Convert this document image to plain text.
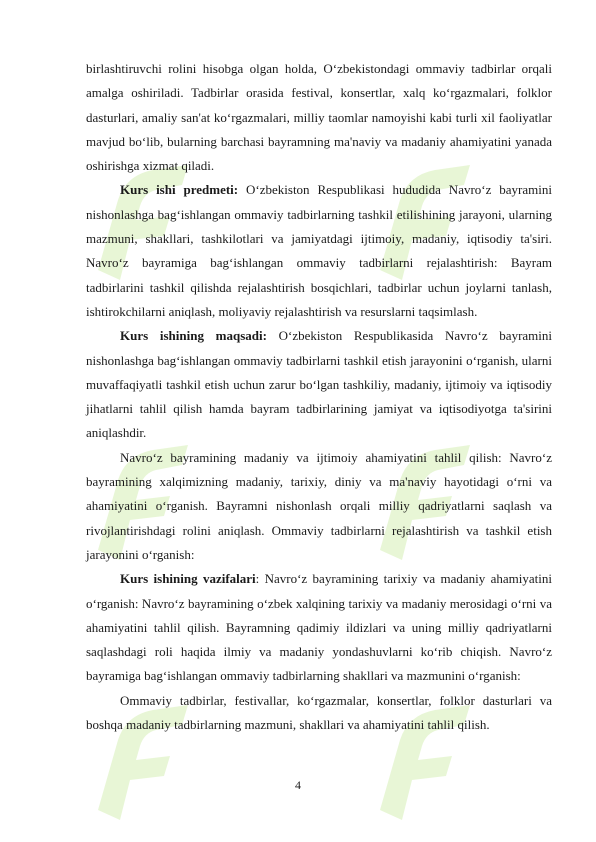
birlashtiruvchi rolini hisobga olgan holda, O‘zbekistondagi ommaviy tadbirlar orqali amalga oshiriladi. Tadbirlar orasida festival, konsertlar, xalq ko‘rgazmalari, folklor dasturlari, amaliy san'at ko‘rgazmalari, milliy taomlar namoyishi kabi turli xil faoliyatlar mavjud bo‘lib, bularning barchasi bayramning ma'naviy va madaniy ahamiyatini yanada oshirishga xizmat qiladi.

Kurs ishi predmeti: O‘zbekiston Respublikasi hududida Navro‘z bayramini nishonlashga bag‘ishlangan ommaviy tadbirlarning tashkil etilishining jarayoni, ularning mazmuni, shakllari, tashkilotlari va jamiyatdagi ijtimoiy, madaniy, iqtisodiy ta'siri. Navro‘z bayramiga bag‘ishlangan ommaviy tadbirlarni rejalashtirish: Bayram tadbirlarini tashkil qilishda rejalashtirish bosqichlari, tadbirlar uchun joylarni tanlash, ishtirokchilarni aniqlash, moliyaviy rejalashtirish va resurslarni taqsimlash.

Kurs ishining maqsadi: O‘zbekiston Respublikasida Navro‘z bayramini nishonlashga bag‘ishlangan ommaviy tadbirlarni tashkil etish jarayonini o‘rganish, ularni muvaffaqiyatli tashkil etish uchun zarur bo‘lgan tashkiliy, madaniy, ijtimoiy va iqtisodiy jihatlarni tahlil qilish hamda bayram tadbirlarining jamiyat va iqtisodiyotga ta'sirini aniqlashdir.

Navro‘z bayramining madaniy va ijtimoiy ahamiyatini tahlil qilish: Navro‘z bayramining xalqimizning madaniy, tarixiy, diniy va ma'naviy hayotidagi o‘rni va ahamiyatini o‘rganish. Bayramni nishonlash orqali milliy qadriyatlarni saqlash va rivojlantirishdagi rolini aniqlash. Ommaviy tadbirlarni rejalashtirish va tashkil etish jarayonini o‘rganish:

Kurs ishining vazifalari: Navro‘z bayramining tarixiy va madaniy ahamiyatini o‘rganish: Navro‘z bayramining o‘zbek xalqining tarixiy va madaniy merosidagi o‘rni va ahamiyatini tahlil qilish. Bayramning qadimiy ildizlari va uning milliy qadriyatlarni saqlashdagi roli haqida ilmiy va madaniy yondashuvlarni ko‘rib chiqish. Navro‘z bayramiga bag‘ishlangan ommaviy tadbirlarning shakllari va mazmunini o‘rganish:

Ommaviy tadbirlar, festivallar, ko‘rgazmalar, konsertlar, folklor dasturlari va boshqa madaniy tadbirlarning mazmuni, shakllari va ahamiyatini tahlil qilish.

4
